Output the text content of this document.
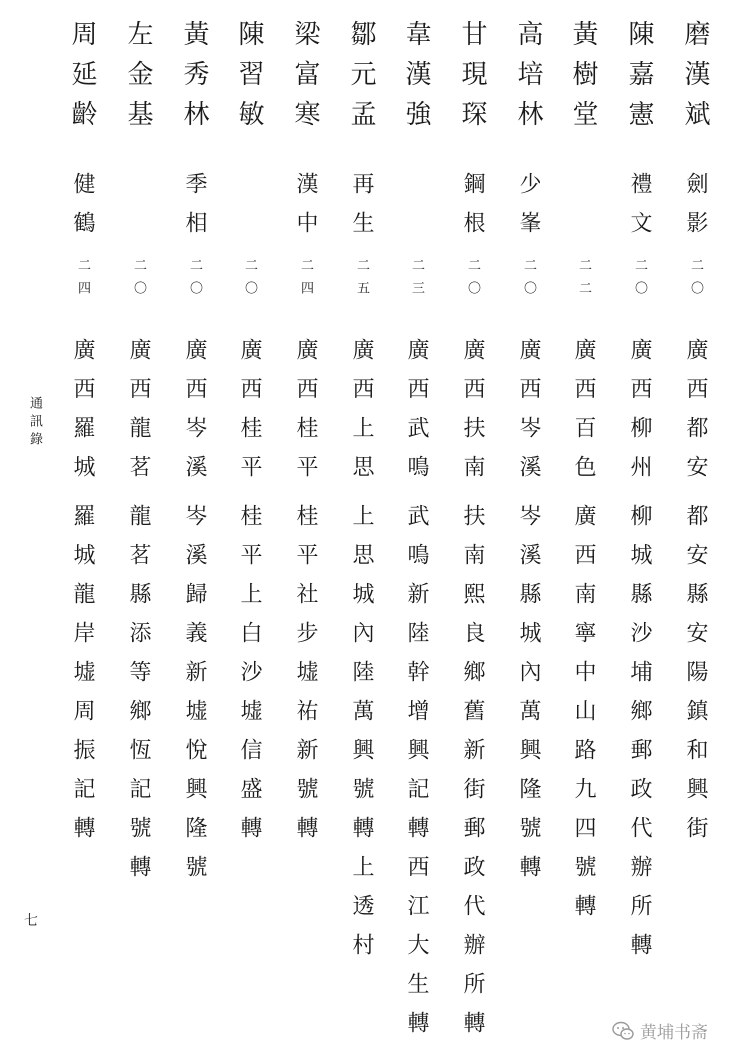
磨漢斌
劍影
二〇
廣西都安
都安縣安陽鎮和興街
陳嘉憲
禮文
二〇
廣西柳州
柳城縣沙埔鄉郵政代辦所轉
黃樹堂
二二
廣西百色
廣西南寧中山路九四號轉
高培林
少峯
二〇
廣西岑溪
岑溪縣城內萬興隆號轉
甘現琛
鋼根
二〇
廣西扶南
扶南熙良鄉舊新街郵政代辦所轉
韋漢強
二三
廣西武鳴
武鳴新陸幹增興記轉西江大生轉
鄒元孟
再生
二五
廣西上思
上思城內陸萬興號轉上透村
梁富寒
漢中
二四
廣西桂平
桂平社步墟祐新號轉
陳習敏
二〇
廣西桂平
桂平上白沙墟信盛轉
黃秀林
季相
二〇
廣西岑溪
岑溪歸義新墟悅興隆號
左金基
二〇
廣西龍茗
龍茗縣添等鄉恆記號轉
周延齡
健鶴
二四
廣西羅城
羅城龍岸墟周振記轉
通訊錄
七
黄埔书斋
